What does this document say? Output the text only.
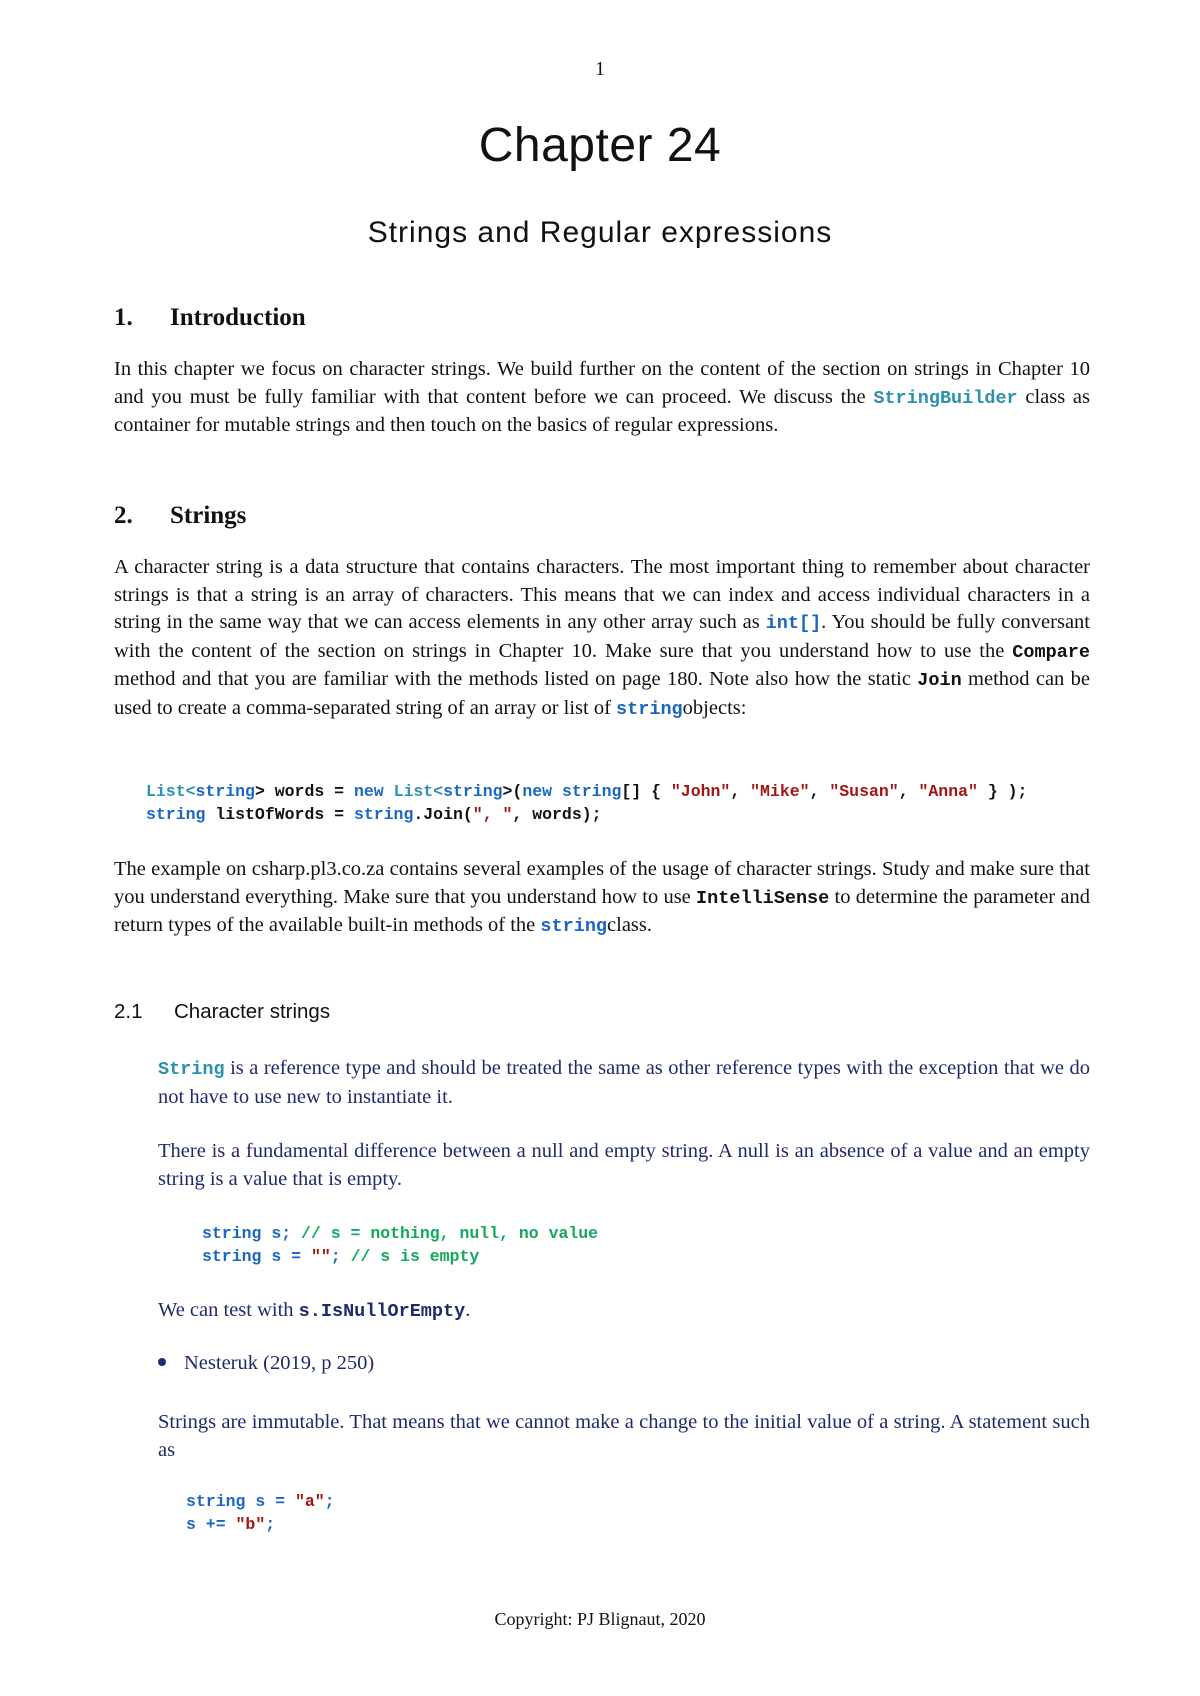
1
Chapter 24
Strings and Regular expressions
1. Introduction
In this chapter we focus on character strings. We build further on the content of the section on strings in Chapter 10 and you must be fully familiar with that content before we can proceed. We discuss the StringBuilder class as container for mutable strings and then touch on the basics of regular expressions.
2. Strings
A character string is a data structure that contains characters. The most important thing to remember about character strings is that a string is an array of characters. This means that we can index and access individual characters in a string in the same way that we can access elements in any other array such as int[]. You should be fully conversant with the content of the section on strings in Chapter 10. Make sure that you understand how to use the Compare method and that you are familiar with the methods listed on page 180. Note also how the static Join method can be used to create a comma-separated string of an array or list of stringobjects:
List<string> words = new List<string>(new string[] { "John", "Mike", "Susan", "Anna" } );
string listOfWords = string.Join(", ", words);
The example on csharp.pl3.co.za contains several examples of the usage of character strings. Study and make sure that you understand everything. Make sure that you understand how to use IntelliSense to determine the parameter and return types of the available built-in methods of the stringclass.
2.1 Character strings
String is a reference type and should be treated the same as other reference types with the exception that we do not have to use new to instantiate it.
There is a fundamental difference between a null and empty string. A null is an absence of a value and an empty string is a value that is empty.
string s; // s = nothing, null, no value
string s = ""; // s is empty
We can test with s.IsNullOrEmpty.
Nesteruk (2019, p 250)
Strings are immutable. That means that we cannot make a change to the initial value of a string. A statement such as
string s = "a";
s += "b";
Copyright: PJ Blignaut, 2020
